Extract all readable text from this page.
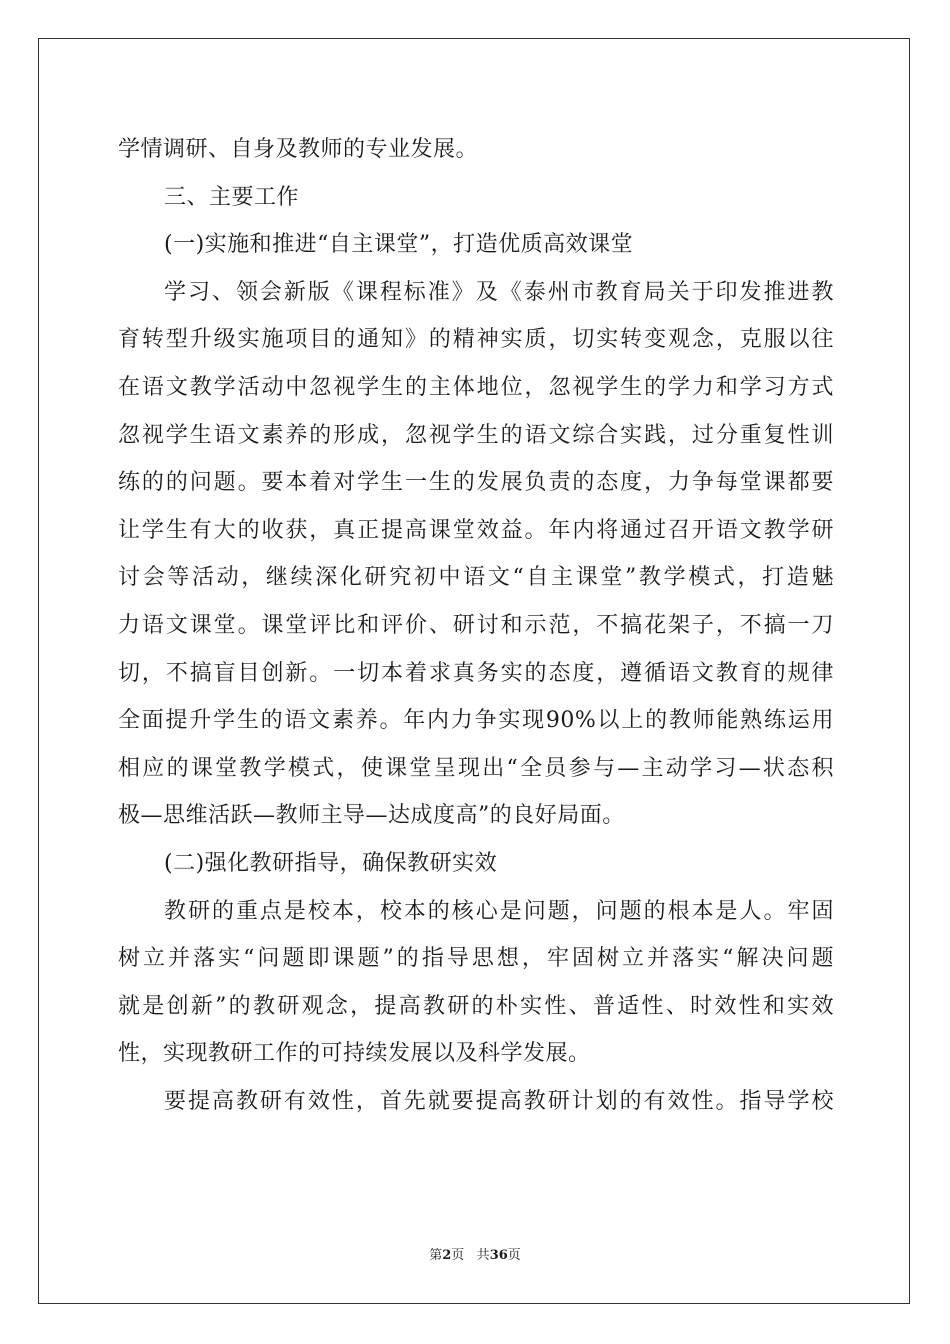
学情调研、自身及教师的专业发展。
三、主要工作
(一)实施和推进“自主课堂”，打造优质高效课堂
学习、领会新版《课程标准》及《泰州市教育局关于印发推进教
育转型升级实施项目的通知》的精神实质，切实转变观念，克服以往
在语文教学活动中忽视学生的主体地位，忽视学生的学力和学习方式
忽视学生语文素养的形成，忽视学生的语文综合实践，过分重复性训
练的的问题。要本着对学生一生的发展负责的态度，力争每堂课都要
让学生有大的收获，真正提高课堂效益。年内将通过召开语文教学研
讨会等活动，继续深化研究初中语文“自主课堂”教学模式，打造魅
力语文课堂。课堂评比和评价、研讨和示范，不搞花架子，不搞一刀
切，不搞盲目创新。一切本着求真务实的态度，遵循语文教育的规律
全面提升学生的语文素养。年内力争实现90%以上的教师能熟练运用
相应的课堂教学模式，使课堂呈现出“全员参与—主动学习—状态积
极—思维活跃—教师主导—达成度高”的良好局面。
(二)强化教研指导，确保教研实效
教研的重点是校本，校本的核心是问题，问题的根本是人。牢固
树立并落实“问题即课题”的指导思想，牢固树立并落实“解决问题
就是创新”的教研观念，提高教研的朴实性、普适性、时效性和实效
性，实现教研工作的可持续发展以及科学发展。
要提高教研有效性，首先就要提高教研计划的有效性。指导学校
第2页 共36页
